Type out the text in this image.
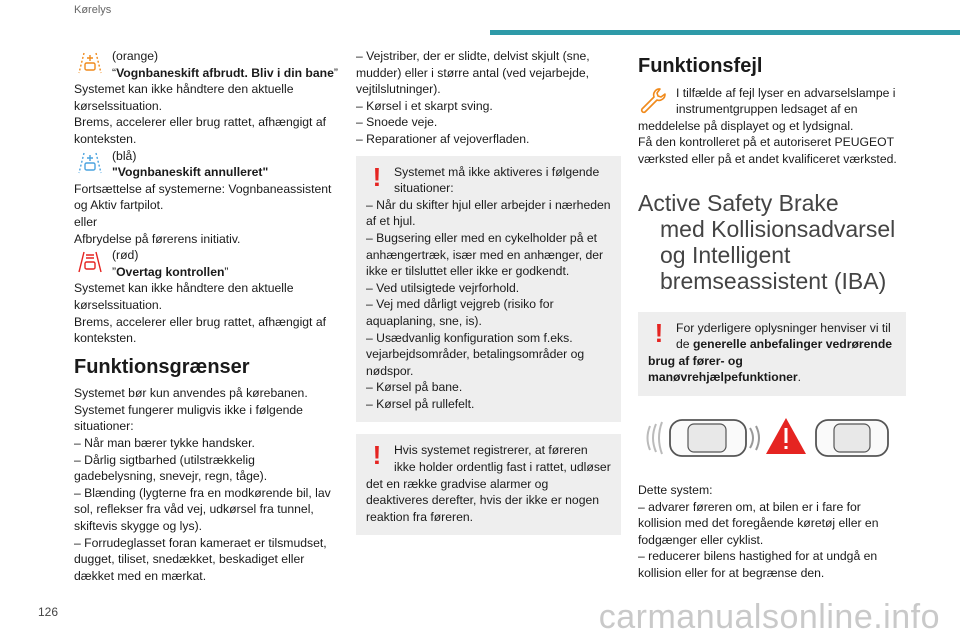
Kørelys

(orange)

“Vognbaneskift afbrudt. Bliv i din bane”

Systemet kan ikke håndtere den aktuelle kørselssituation.

Brems, accelerer eller brug rattet, afhængigt af konteksten.

(blå)

"Vognbaneskift annulleret"

Fortsættelse af systemerne: Vognbaneassistent og Aktiv fartpilot.

eller

Afbrydelse på førerens initiativ.

(rød)

”Overtag kontrollen”

Systemet kan ikke håndtere den aktuelle kørselssituation.

Brems, accelerer eller brug rattet, afhængigt af konteksten.

Funktionsgrænser

Systemet bør kun anvendes på kørebanen.

Systemet fungerer muligvis ikke i følgende situationer:

– Når man bærer tykke handsker.

– Dårlig sigtbarhed (utilstrækkelig gadebelysning, snevejr, regn, tåge).

– Blænding (lygterne fra en modkørende bil, lav sol, reflekser fra våd vej, udkørsel fra tunnel, skiftevis skygge og lys).

– Forrudeglasset foran kameraet er tilsmudset, dugget, tiliset, snedækket, beskadiget eller dækket med en mærkat.

– Vejstriber, der er slidte, delvist skjult (sne, mudder) eller i større antal (ved vejarbejde, vejtilslutninger).

– Kørsel i et skarpt sving.

– Snoede veje.

– Reparationer af vejoverfladen.

!	Systemet må ikke aktiveres i følgende situationer:

– Når du skifter hjul eller arbejder i nærheden af et hjul.

– Bugsering eller med en cykelholder på et anhængertræk, især med en anhænger, der ikke er tilsluttet eller ikke er godkendt.

– Ved utilsigtede vejrforhold.

– Vej med dårligt vejgreb (risiko for aquaplaning, sne, is).

– Usædvanlig konfiguration som f.eks. vejarbejdsområder, betalingsområder og nødspor.

– Kørsel på bane.

– Kørsel på rullefelt.

!	Hvis systemet registrerer, at føreren ikke holder ordentlig fast i rattet, udløser det en række gradvise alarmer og deaktiveres derefter, hvis der ikke er nogen reaktion fra føreren.

Funktionsfejl

I tilfælde af fejl lyser en advarselslampe i instrumentgruppen ledsaget af en meddelelse på displayet og et lydsignal.

Få den kontrolleret på et autoriseret PEUGEOT værksted eller på et andet kvalificeret værksted.

Active Safety Brake
med Kollisionsadvarsel
og Intelligent
bremseassistent (IBA)
!	For yderligere oplysninger henviser vi til de generelle anbefalinger vedrørende brug af fører- og manøvrehjælpefunktioner.

Dette system:

– advarer føreren om, at bilen er i fare for kollision med det foregående køretøj eller en fodgænger eller cyklist.

– reducerer bilens hastighed for at undgå en kollision eller for at begrænse den.

126	carmanualsonline.info
